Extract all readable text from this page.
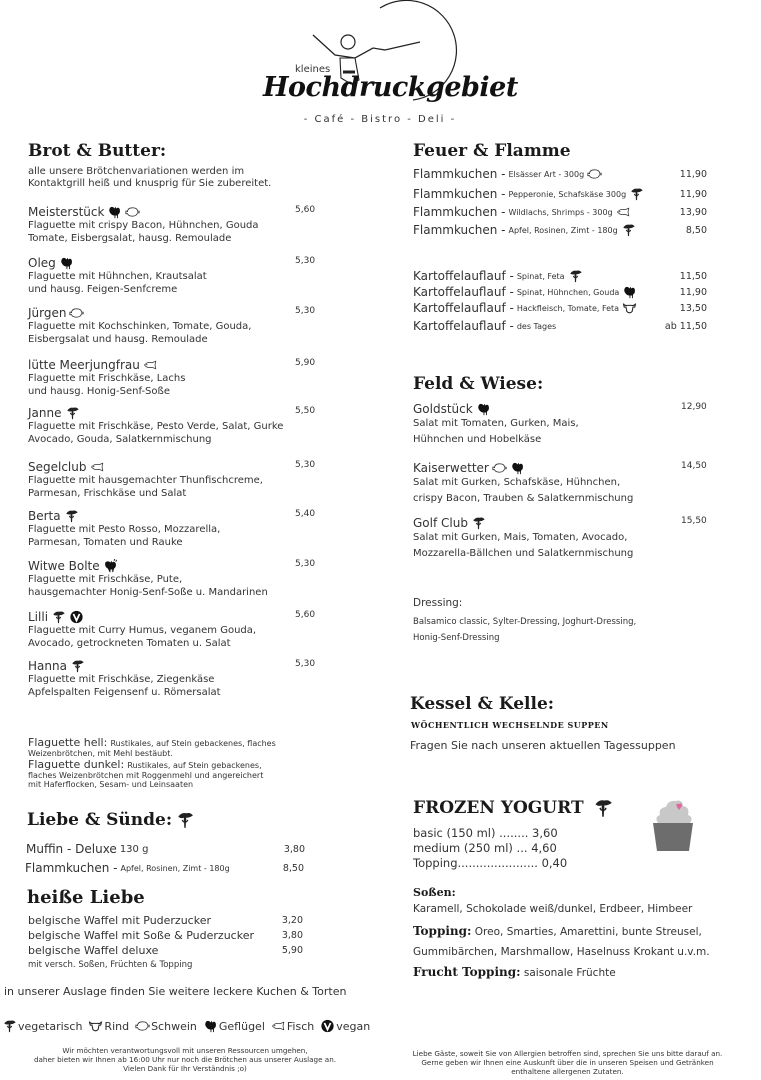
kleines
Hochdruckgebiet
- Café - Bistro - Deli -
Brot & Butter:
alle unsere Brötchenvariationen werden im
Kontaktgrill heiß und knusprig für Sie zubereitet.
Meisterstück	5,60
Flaguette mit crispy Bacon, Hühnchen, Gouda
Tomate, Eisbergsalat, hausg. Remoulade
Oleg	5,30
Flaguette mit Hühnchen, Krautsalat
und hausg. Feigen-Senfcreme
Jürgen	5,30
Flaguette mit Kochschinken, Tomate, Gouda,
Eisbergsalat und hausg. Remoulade
lütte Meerjungfrau	5,90
Flaguette mit Frischkäse, Lachs
und hausg. Honig-Senf-Soße
Janne	5,50
Flaguette mit Frischkäse, Pesto Verde, Salat, Gurke
Avocado, Gouda, Salatkernmischung
Segelclub	5,30
Flaguette mit hausgemachter Thunfischcreme,
Parmesan, Frischkäse und Salat
Berta	5,40
Flaguette mit Pesto Rosso, Mozzarella,
Parmesan, Tomaten und Rauke
Witwe Bolte	5,30
Flaguette mit Frischkäse, Pute,
hausgemachter Honig-Senf-Soße u. Mandarinen
Lilli	5,60
Flaguette mit Curry Humus, veganem Gouda,
Avocado, getrockneten Tomaten u. Salat
Hanna	5,30
Flaguette mit Frischkäse, Ziegenkäse
Apfelspalten Feigensenf u. Römersalat
Flaguette hell: Rustikales, auf Stein gebackenes, flaches
Weizenbrötchen, mit Mehl bestäubt.
Flaguette dunkel: Rustikales, auf Stein gebackenes,
flaches Weizenbrötchen mit Roggenmehl und angereichert
mit Haferflocken, Sesam- und Leinsaaten
Liebe & Sünde:
Muffin - Deluxe 130 g	3,80
Flammkuchen - Apfel, Rosinen, Zimt - 180g	8,50
heiße Liebe
belgische Waffel mit Puderzucker	3,20
belgische Waffel mit Soße & Puderzucker	3,80
belgische Waffel deluxe	5,90
mit versch. Soßen, Früchten & Topping
in unserer Auslage finden Sie weitere leckere Kuchen & Torten
Feuer & Flamme
Flammkuchen - Elsässer Art - 300g	11,90
Flammkuchen - Pepperonie, Schafskäse 300g	11,90
Flammkuchen - Wildlachs, Shrimps - 300g	13,90
Flammkuchen - Apfel, Rosinen, Zimt - 180g	8,50
Kartoffelauflauf - Spinat, Feta	11,50
Kartoffelauflauf - Spinat, Hühnchen, Gouda	11,90
Kartoffelauflauf - Hackfleisch, Tomate, Feta	13,50
Kartoffelauflauf - des Tages	ab 11,50
Feld & Wiese:
Goldstück	12,90
Salat mit Tomaten, Gurken, Mais,
Hühnchen und Hobelkäse
Kaiserwetter	14,50
Salat mit Gurken, Schafskäse, Hühnchen,
crispy Bacon, Trauben & Salatkernmischung
Golf Club	15,50
Salat mit Gurken, Mais, Tomaten, Avocado,
Mozzarella-Bällchen und Salatkernmischung
Dressing:
Balsamico classic, Sylter-Dressing, Joghurt-Dressing,
Honig-Senf-Dressing
Kessel & Kelle:
WÖCHENTLICH WECHSELNDE SUPPEN
Fragen Sie nach unseren aktuellen Tagessuppen
FROZEN YOGURT
basic (150 ml) ........ 3,60
medium (250 ml) ... 4,60
Topping...................... 0,40
Soßen:
Karamell, Schokolade weiß/dunkel, Erdbeer, Himbeer
Topping: Oreo, Smarties, Amarettini, bunte Streusel,
Gummibärchen, Marshmallow, Haselnuss Krokant u.v.m.
Frucht Topping: saisonale Früchte
vegetarisch Rind Schwein Geflügel Fisch vegan
Wir möchten verantwortungsvoll mit unseren Ressourcen umgehen,
daher bieten wir Ihnen ab 16:00 Uhr nur noch die Brötchen aus unserer Auslage an.
Vielen Dank für Ihr Verständnis ;o)
Liebe Gäste, soweit Sie von Allergien betroffen sind, sprechen Sie uns bitte darauf an.
Gerne geben wir Ihnen eine Auskunft über die in unseren Speisen und Getränken
enthaltene allergenen Zutaten.
